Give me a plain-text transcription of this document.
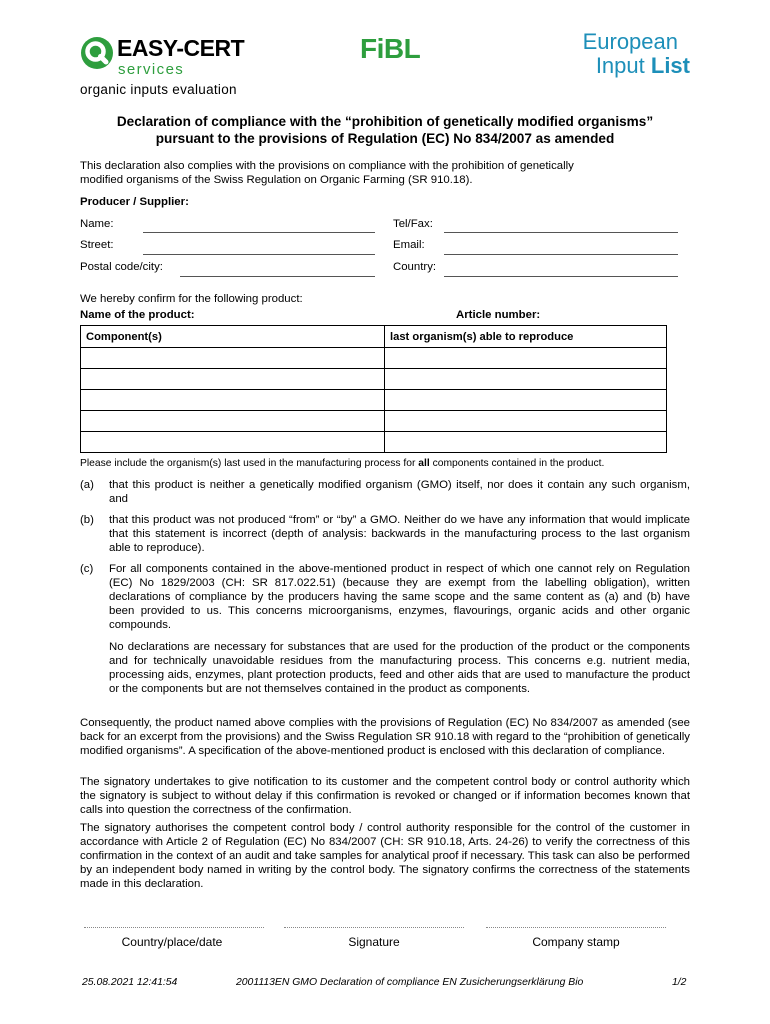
EASY-CERT
services
organic inputs evaluation
FiBL	European
Input List
Declaration of compliance with the “prohibition of genetically modified organisms”
pursuant to the provisions of Regulation (EC) No 834/2007 as amended
This declaration also complies with the provisions on compliance with the prohibition of genetically
modified organisms of the Swiss Regulation on Organic Farming (SR 910.18).
Producer / Supplier:
Name:	Tel/Fax:
Street:	Email:
Postal code/city:	Country:
We hereby confirm for the following product:
Name of the product:	Article number:
Component(s)	last organism(s) able to reproduce

Please include the organism(s) last used in the manufacturing process for all components contained in the product.
(a) that this product is neither a genetically modified organism (GMO) itself, nor does it contain any such organism, and
(b) that this product was not produced “from” or “by” a GMO. Neither do we have any information that would implicate that this statement is incorrect (depth of analysis: backwards in the manufacturing process to the last organism able to reproduce).
(c) For all components contained in the above-mentioned product in respect of which one cannot rely on Regulation (EC) No 1829/2003 (CH: SR 817.022.51) (because they are exempt from the labelling obligation), written declarations of compliance by the producers having the same scope and the same content as (a) and (b) have been provided to us. This concerns microorganisms, enzymes, flavourings, organic acids and other organic compounds.
No declarations are necessary for substances that are used for the production of the product or the components and for technically unavoidable residues from the manufacturing process. This concerns e.g. nutrient media, processing aids, enzymes, plant protection products, feed and other aids that are used to manufacture the product or the components but are not themselves contained in the product as components.
Consequently, the product named above complies with the provisions of Regulation (EC) No 834/2007 as amended (see back for an excerpt from the provisions) and the Swiss Regulation SR 910.18 with regard to the “prohibition of genetically modified organisms”. A specification of the above-mentioned product is enclosed with this declaration of compliance.
The signatory undertakes to give notification to its customer and the competent control body or control authority which the signatory is subject to without delay if this confirmation is revoked or changed or if information becomes known that calls into question the correctness of the confirmation.
The signatory authorises the competent control body / control authority responsible for the control of the customer in accordance with Article 2 of Regulation (EC) No 834/2007 (CH: SR 910.18, Arts. 24-26) to verify the correctness of this confirmation in the context of an audit and take samples for analytical proof if necessary. This task can also be performed by an independent body named in writing by the control body. The signatory confirms the correctness of the statements made in this declaration.
Country/place/date	Signature	Company stamp
25.08.2021 12:41:54	2001113EN GMO Declaration of compliance EN Zusicherungserklärung Bio	1/2
